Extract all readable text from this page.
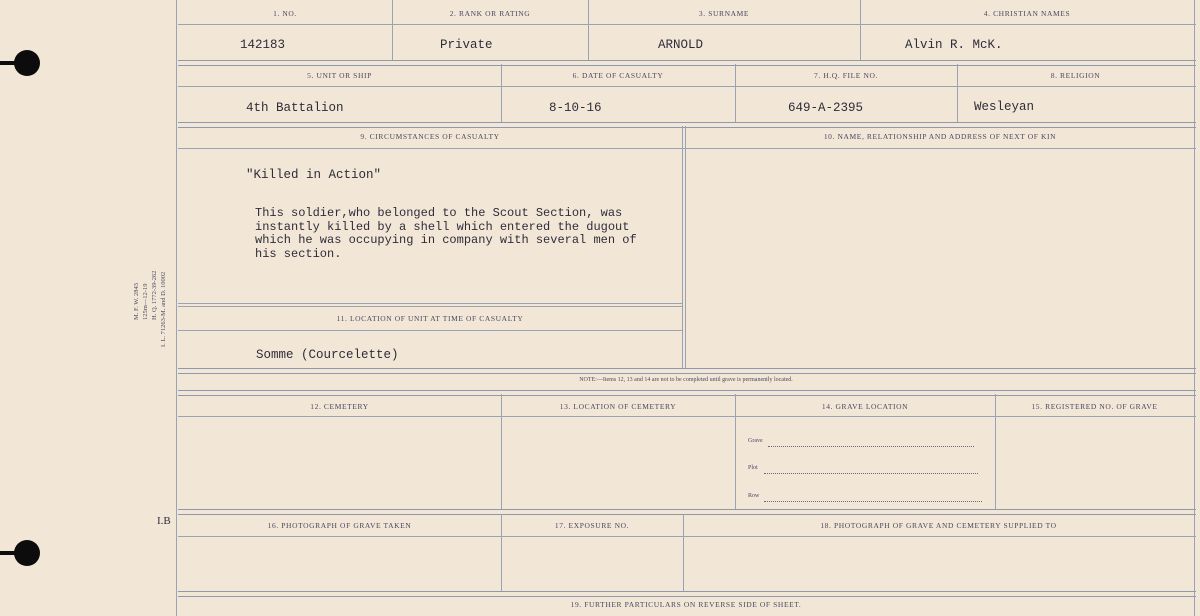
M. F. W. 2843 125m—12-19 H. Q. 1772-39-262 I. L. 71263-M. and D. 10002
I.B
1. NO.	2. RANK OR RATING	3. SURNAME	4. CHRISTIAN NAMES
142183	Private	ARNOLD	Alvin R. McK.
5. UNIT OR SHIP	6. DATE OF CASUALTY	7. H.Q. FILE NO.	8. RELIGION
4th Battalion	8-10-16	649-A-2395	Wesleyan
9. CIRCUMSTANCES OF CASUALTY	10. NAME, RELATIONSHIP AND ADDRESS OF NEXT OF KIN
"Killed in Action"
This soldier,who belonged to the Scout Section, was
instantly killed by a shell which entered the dugout
which he was occupying in company with several men of
his section.
11. LOCATION OF UNIT AT TIME OF CASUALTY
Somme (Courcelette)
NOTE:—Items 12, 13 and 14 are not to be completed until grave is permanently located.
12. CEMETERY	13. LOCATION OF CEMETERY	14. GRAVE LOCATION	15. REGISTERED NO. OF GRAVE
Grave
Plot
Row
16. PHOTOGRAPH OF GRAVE TAKEN	17. EXPOSURE NO.	18. PHOTOGRAPH OF GRAVE AND CEMETERY SUPPLIED TO
19. FURTHER PARTICULARS ON REVERSE SIDE OF SHEET.
